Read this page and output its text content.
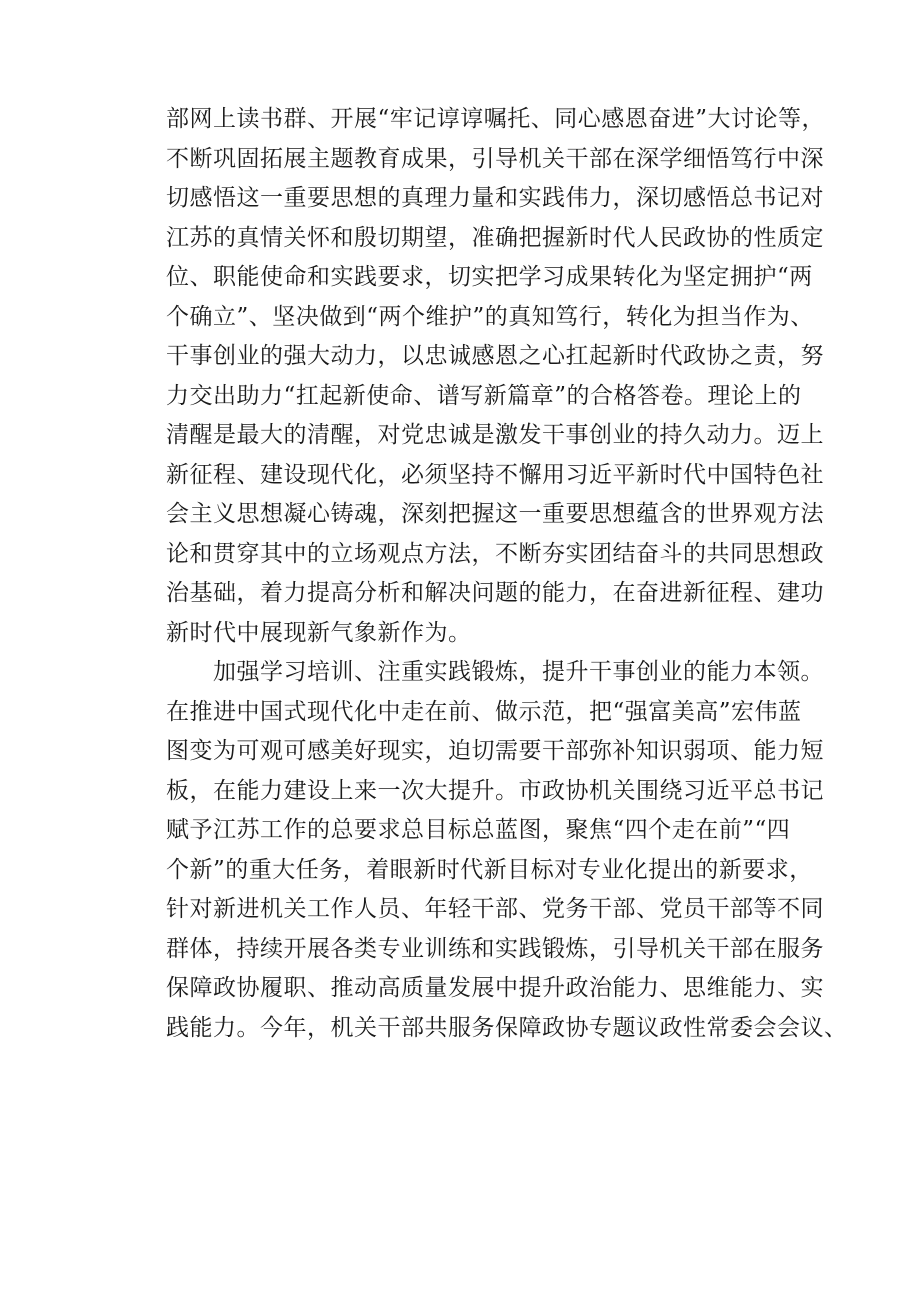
部网上读书群、开展“牢记谆谆嘱托、同心感恩奋进”大讨论等，
不断巩固拓展主题教育成果，引导机关干部在深学细悟笃行中深
切感悟这一重要思想的真理力量和实践伟力，深切感悟总书记对
江苏的真情关怀和殷切期望，准确把握新时代人民政协的性质定
位、职能使命和实践要求，切实把学习成果转化为坚定拥护“两
个确立”、坚决做到“两个维护”的真知笃行，转化为担当作为、
干事创业的强大动力，以忠诚感恩之心扛起新时代政协之责，努
力交出助力“扛起新使命、谱写新篇章”的合格答卷。理论上的
清醒是最大的清醒，对党忠诚是激发干事创业的持久动力。迈上
新征程、建设现代化，必须坚持不懈用习近平新时代中国特色社
会主义思想凝心铸魂，深刻把握这一重要思想蕴含的世界观方法
论和贯穿其中的立场观点方法，不断夯实团结奋斗的共同思想政
治基础，着力提高分析和解决问题的能力，在奋进新征程、建功
新时代中展现新气象新作为。
加强学习培训、注重实践锻炼，提升干事创业的能力本领。
在推进中国式现代化中走在前、做示范，把“强富美高”宏伟蓝
图变为可观可感美好现实，迫切需要干部弥补知识弱项、能力短
板，在能力建设上来一次大提升。市政协机关围绕习近平总书记
赋予江苏工作的总要求总目标总蓝图，聚焦“四个走在前”“四
个新”的重大任务，着眼新时代新目标对专业化提出的新要求，
针对新进机关工作人员、年轻干部、党务干部、党员干部等不同
群体，持续开展各类专业训练和实践锻炼，引导机关干部在服务
保障政协履职、推动高质量发展中提升政治能力、思维能力、实
践能力。今年，机关干部共服务保障政协专题议政性常委会会议、
